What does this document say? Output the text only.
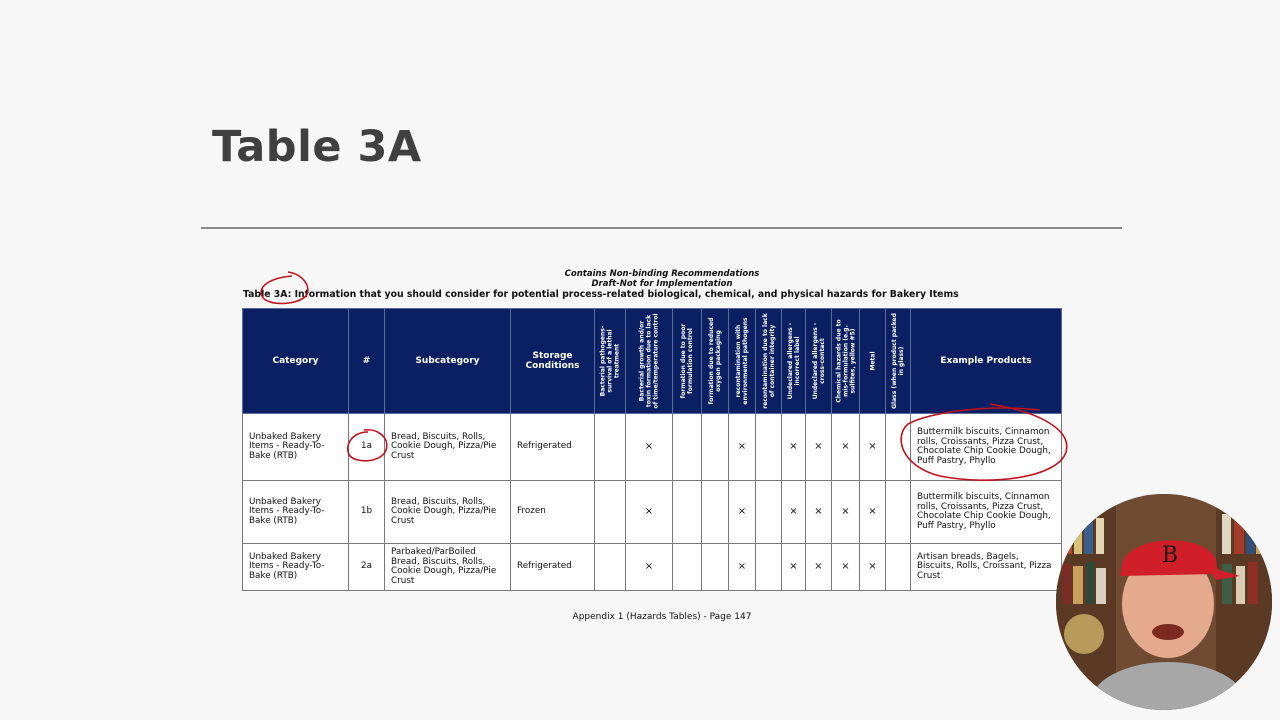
Table 3A
Contains Non-binding Recommendations
Draft-Not for Implementation
Table 3A: Information that you should consider for potential process-related biological, chemical, and physical hazards for Bakery Items
Category	#	Subcategory	Storage Conditions	Bacterial pathogens- survival of a lethal treatment	Bacterial growth and/or toxin formation due to lack of time/temperature control	formation due to poor formulation control	formation due to reduced oxygen packaging	recontamination with environmental pathogens	recontamination due to lack of container integrity	Undeclared allergens - incorrect label	Undeclared allergens - cross-contact	Chemical hazards due to mis-formulation (e.g. sulfites, yellow #5)	Metal	Glass (when product packed in glass)	Example Products
Unbaked Bakery Items - Ready-To-Bake (RTB)	1a	Bread, Biscuits, Rolls, Cookie Dough, Pizza/Pie Crust	Refrigerated		×			×		×	×	×	×		Buttermilk biscuits, Cinnamon rolls, Croissants, Pizza Crust, Chocolate Chip Cookie Dough, Puff Pastry, Phyllo
Unbaked Bakery Items - Ready-To-Bake (RTB)	1b	Bread, Biscuits, Rolls, Cookie Dough, Pizza/Pie Crust	Frozen		×			×		×	×	×	×		Buttermilk biscuits, Cinnamon rolls, Croissants, Pizza Crust, Chocolate Chip Cookie Dough, Puff Pastry, Phyllo
Unbaked Bakery Items - Ready-To-Bake (RTB)	2a	Parbaked/ParBoiled Bread, Biscuits, Rolls, Cookie Dough, Pizza/Pie Crust	Refrigerated		×			×		×	×	×	×		Artisan breads, Bagels, Biscuits, Rolls, Croissant, Pizza Crust
Appendix 1 (Hazards Tables) - Page 147
B
